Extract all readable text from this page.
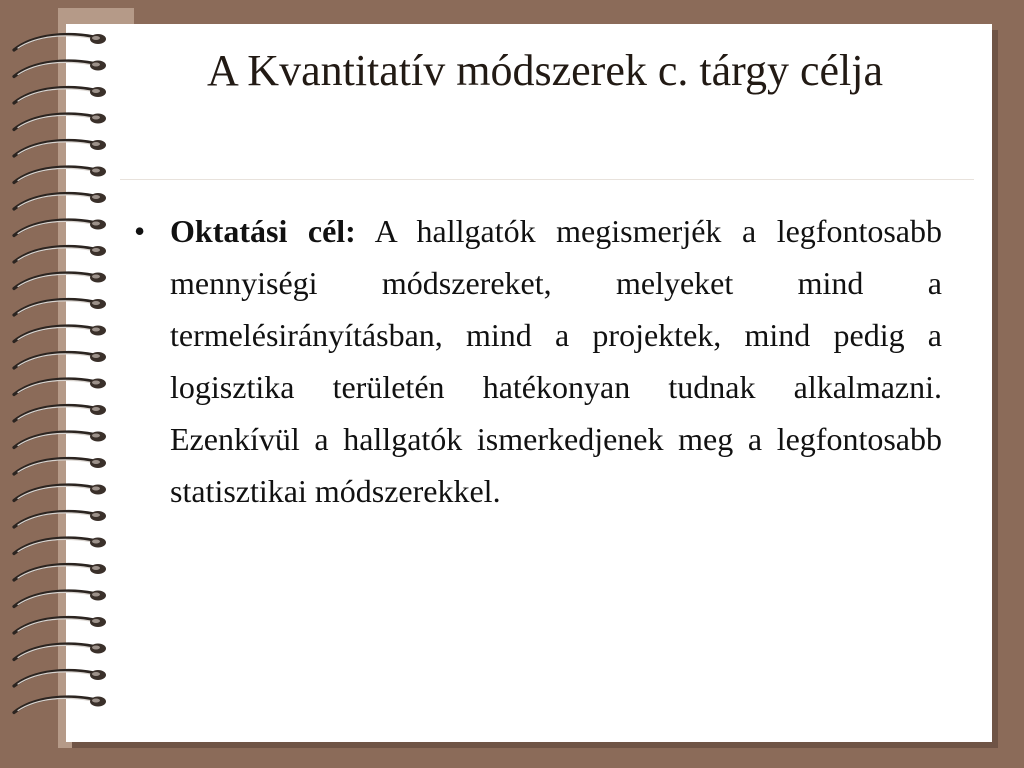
A Kvantitatív módszerek c. tárgy célja
• Oktatási cél: A hallgatók megismerjék a legfontosabb mennyiségi módszereket, melyeket mind a termelésirányításban, mind a projektek, mind pedig a logisztika területén hatékonyan tudnak alkalmazni. Ezenkívül a hallgatók ismerkedjenek meg a legfontosabb statisztikai módszerekkel.
